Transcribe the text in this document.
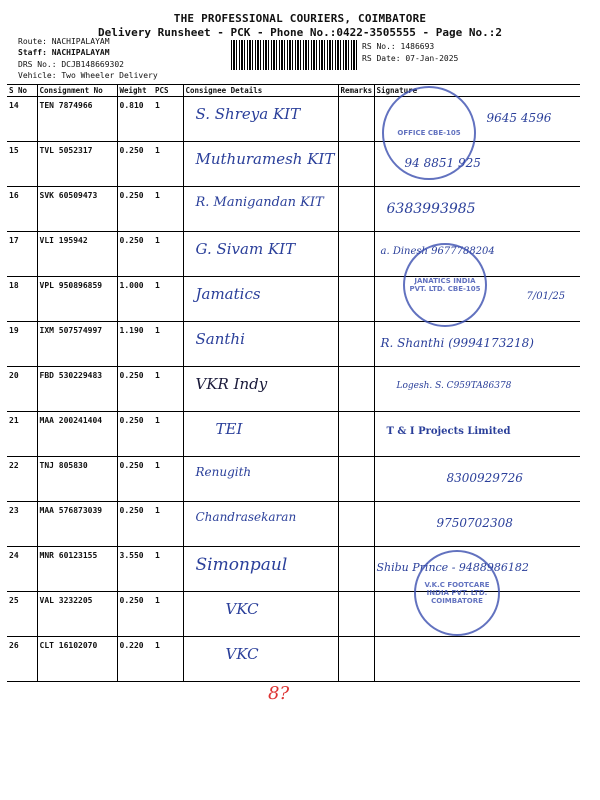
THE PROFESSIONAL COURIERS, COIMBATORE
Delivery Runsheet - PCK - Phone No.:0422-3505555 - Page No.:2
Route: NACHIPALAYAM
Staff: NACHIPALAYAM
DRS No.: DCJB148669302
Vehicle: Two Wheeler Delivery
RS No.: 1486693
RS Date: 07-Jan-2025
S No	Consignment No	Weight	PCS	Consignee Details	Remarks	Signature
14	TEN 7874966	0.810	1	S. Shreya KIT		9645 4596

15	TVL 5052317	0.250	1	Muthuramesh KIT		94 8851 925

16	SVK 60509473	0.250	1	R. Manigandan KIT		6383993985

17	VLI 195942	0.250	1	G. Sivam KIT		a. Dinesh 9677788204

18	VPL 950896859	1.000	1	Jamatics		7/01/25

19	IXM 507574997	1.190	1	Santhi		R. Shanthi (9994173218)

20	FBD 530229483	0.250	1	VKR Indy		Logesh. S. C959TA86378

21	MAA 200241404	0.250	1	TEI		T & I Projects Limited

22	TNJ 805830	0.250	1	Renugith		8300929726

23	MAA 576873039	0.250	1	Chandrasekaran		9750702308

24	MNR 60123155	3.550	1	Simonpaul		Shibu Prince - 9488986182

25	VAL 3232205	0.250	1	VKC		

26	CLT 16102070	0.220	1	VKC		

OFFICE CBE-105
JANATICS INDIA PVT. LTD. CBE-105
V.K.C FOOTCARE INDIA PVT. LTD. COIMBATORE
8?
